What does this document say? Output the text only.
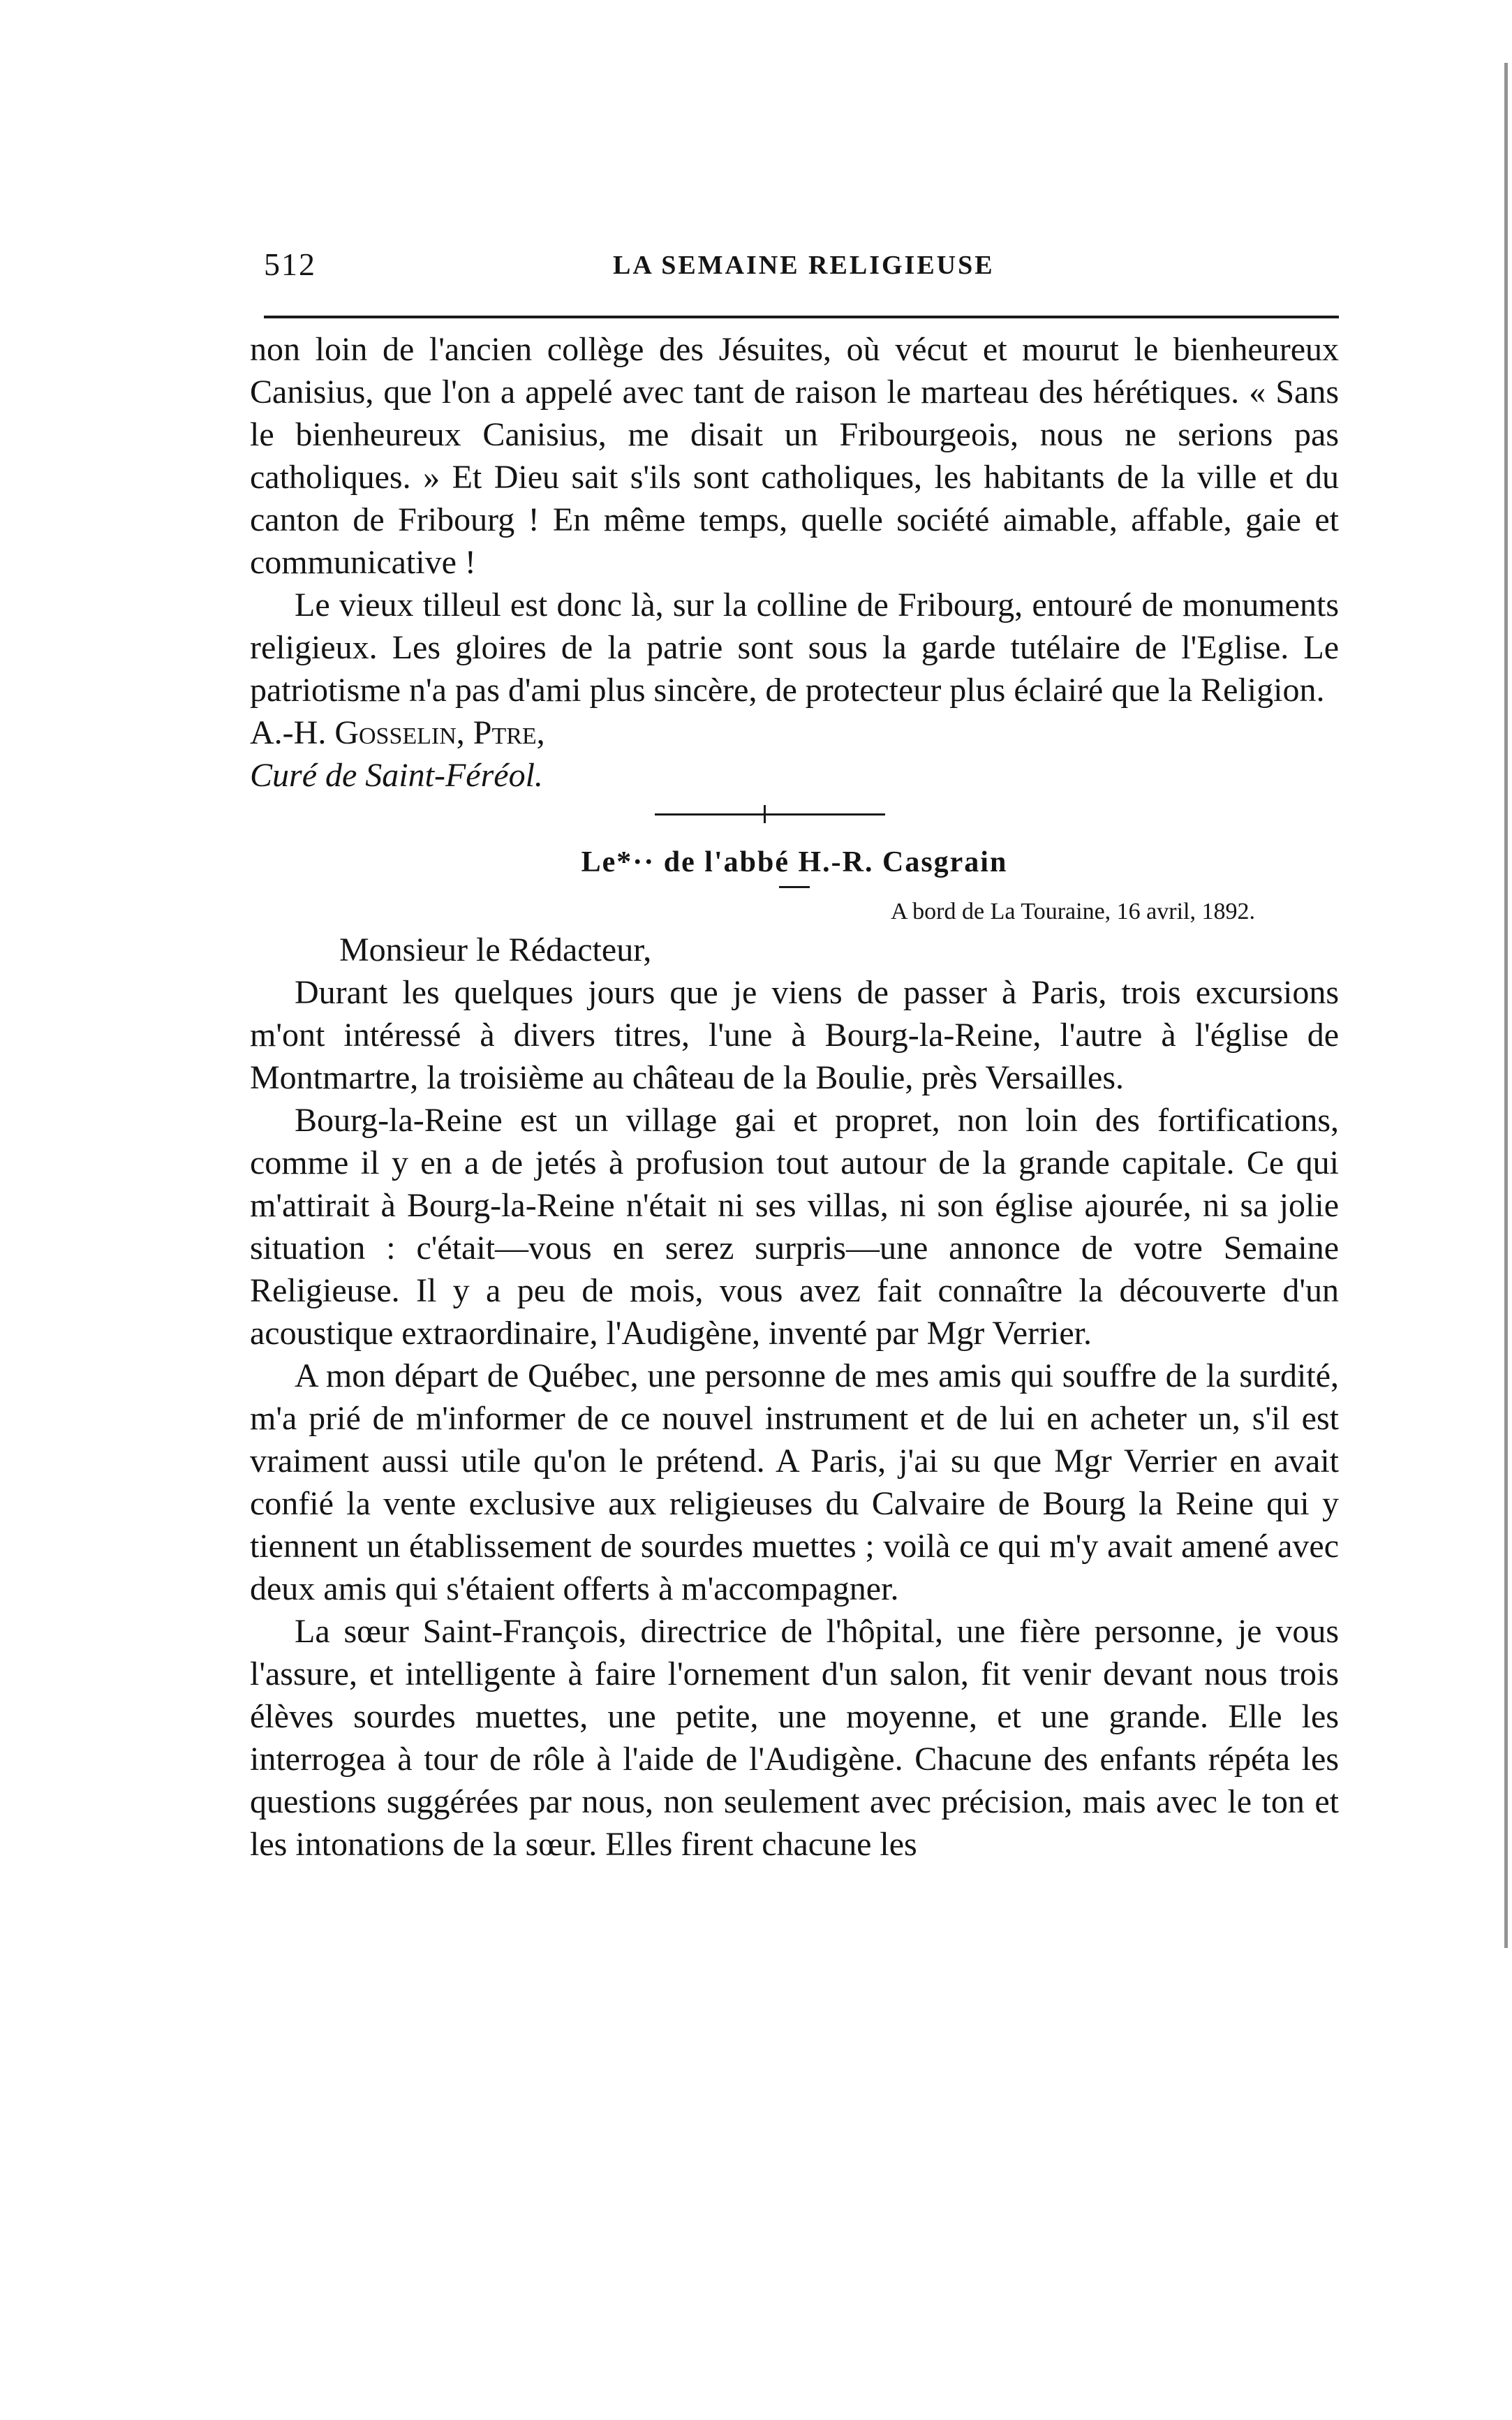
512	LA SEMAINE RELIGIEUSE

non loin de l'ancien collège des Jésuites, où vécut et mourut le bienheureux Canisius, que l'on a appelé avec tant de raison le marteau des hérétiques. « Sans le bienheureux Canisius, me disait un Fribourgeois, nous ne serions pas catholiques. » Et Dieu sait s'ils sont catholiques, les habitants de la ville et du canton de Fribourg ! En même temps, quelle société aimable, affable, gaie et communicative !

Le vieux tilleul est donc là, sur la colline de Fribourg, entouré de monuments religieux. Les gloires de la patrie sont sous la garde tutélaire de l'Eglise. Le patriotisme n'a pas d'ami plus sincère, de protecteur plus éclairé que la Religion.

A.-H. Gosselin, Ptre,

Curé de Saint-Féréol.

Le*·· de l'abbé H.-R. Casgrain
A bord de La Touraine, 16 avril, 1892.

Monsieur le Rédacteur,

Durant les quelques jours que je viens de passer à Paris, trois excursions m'ont intéressé à divers titres, l'une à Bourg-la-Reine, l'autre à l'église de Montmartre, la troisième au château de la Boulie, près Versailles.

Bourg-la-Reine est un village gai et propret, non loin des fortifications, comme il y en a de jetés à profusion tout autour de la grande capitale. Ce qui m'attirait à Bourg-la-Reine n'était ni ses villas, ni son église ajourée, ni sa jolie situation : c'était—vous en serez surpris—une annonce de votre Semaine Religieuse. Il y a peu de mois, vous avez fait connaître la découverte d'un acoustique extraordinaire, l'Audigène, inventé par Mgr Verrier.

A mon départ de Québec, une personne de mes amis qui souffre de la surdité, m'a prié de m'informer de ce nouvel instrument et de lui en acheter un, s'il est vraiment aussi utile qu'on le prétend. A Paris, j'ai su que Mgr Verrier en avait confié la vente exclusive aux religieuses du Calvaire de Bourg la Reine qui y tiennent un établissement de sourdes muettes ; voilà ce qui m'y avait amené avec deux amis qui s'étaient offerts à m'accompagner.

La sœur Saint-François, directrice de l'hôpital, une fière personne, je vous l'assure, et intelligente à faire l'ornement d'un salon, fit venir devant nous trois élèves sourdes muettes, une petite, une moyenne, et une grande. Elle les interrogea à tour de rôle à l'aide de l'Audigène. Chacune des enfants répéta les questions suggérées par nous, non seulement avec précision, mais avec le ton et les intonations de la sœur. Elles firent chacune les
